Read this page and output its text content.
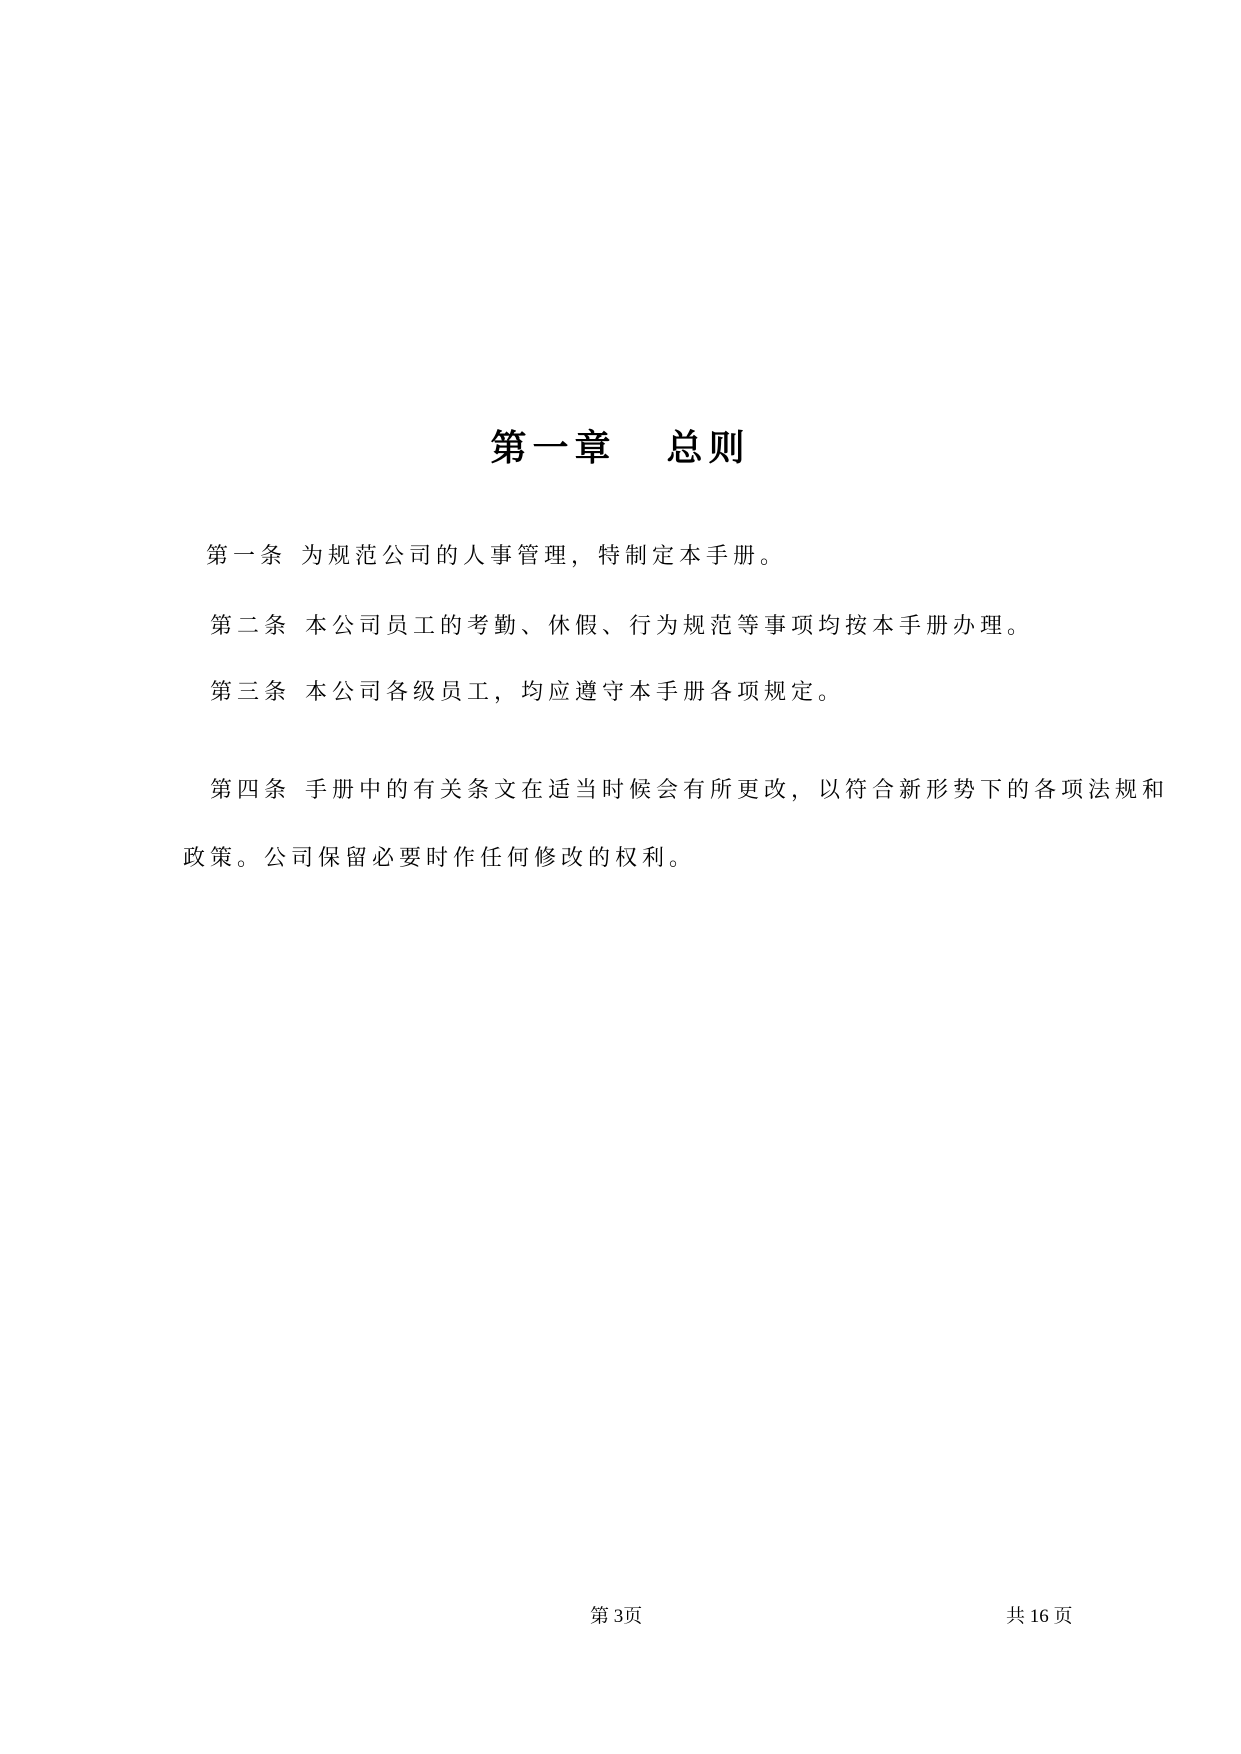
第一章 总则
第一条 为规范公司的人事管理，特制定本手册。
第二条 本公司员工的考勤、休假、行为规范等事项均按本手册办理。
第三条 本公司各级员工，均应遵守本手册各项规定。
第四条 手册中的有关条文在适当时候会有所更改，以符合新形势下的各项法规和
政策。公司保留必要时作任何修改的权利。
第 3页	共 16 页
